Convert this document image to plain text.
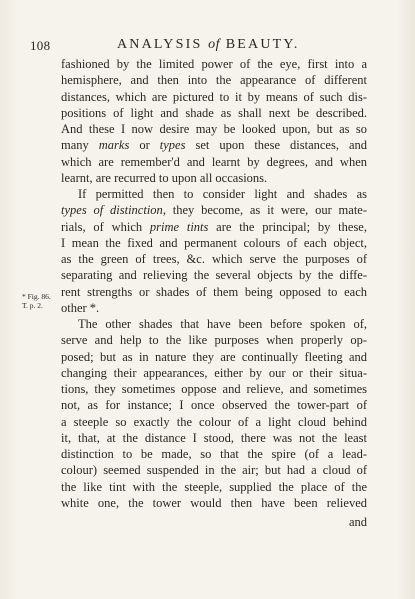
108	ANALYSIS of BEAUTY.
* Fig. 86.
T. p. 2.
fashioned by the limited power of the eye, first into a
hemisphere, and then into the appearance of different
distances, which are pictured to it by means of such dis-
positions of light and shade as shall next be described.
And these I now desire may be looked upon, but as so
many marks or types set upon these distances, and
which are remember'd and learnt by degrees, and when
learnt, are recurred to upon all occasions.
If permitted then to consider light and shades as
types of distinction, they become, as it were, our mate-
rials, of which prime tints are the principal; by these,
I mean the fixed and permanent colours of each object,
as the green of trees, &c. which serve the purposes of
separating and relieving the several objects by the diffe-
rent strengths or shades of them being opposed to each
other *.
The other shades that have been before spoken of,
serve and help to the like purposes when properly op-
posed; but as in nature they are continually fleeting and
changing their appearances, either by our or their situa-
tions, they sometimes oppose and relieve, and sometimes
not, as for instance; I once observed the tower-part of
a steeple so exactly the colour of a light cloud behind
it, that, at the distance I stood, there was not the least
distinction to be made, so that the spire (of a lead-
colour) seemed suspended in the air; but had a cloud of
the like tint with the steeple, supplied the place of the
white one, the tower would then have been relieved
and
